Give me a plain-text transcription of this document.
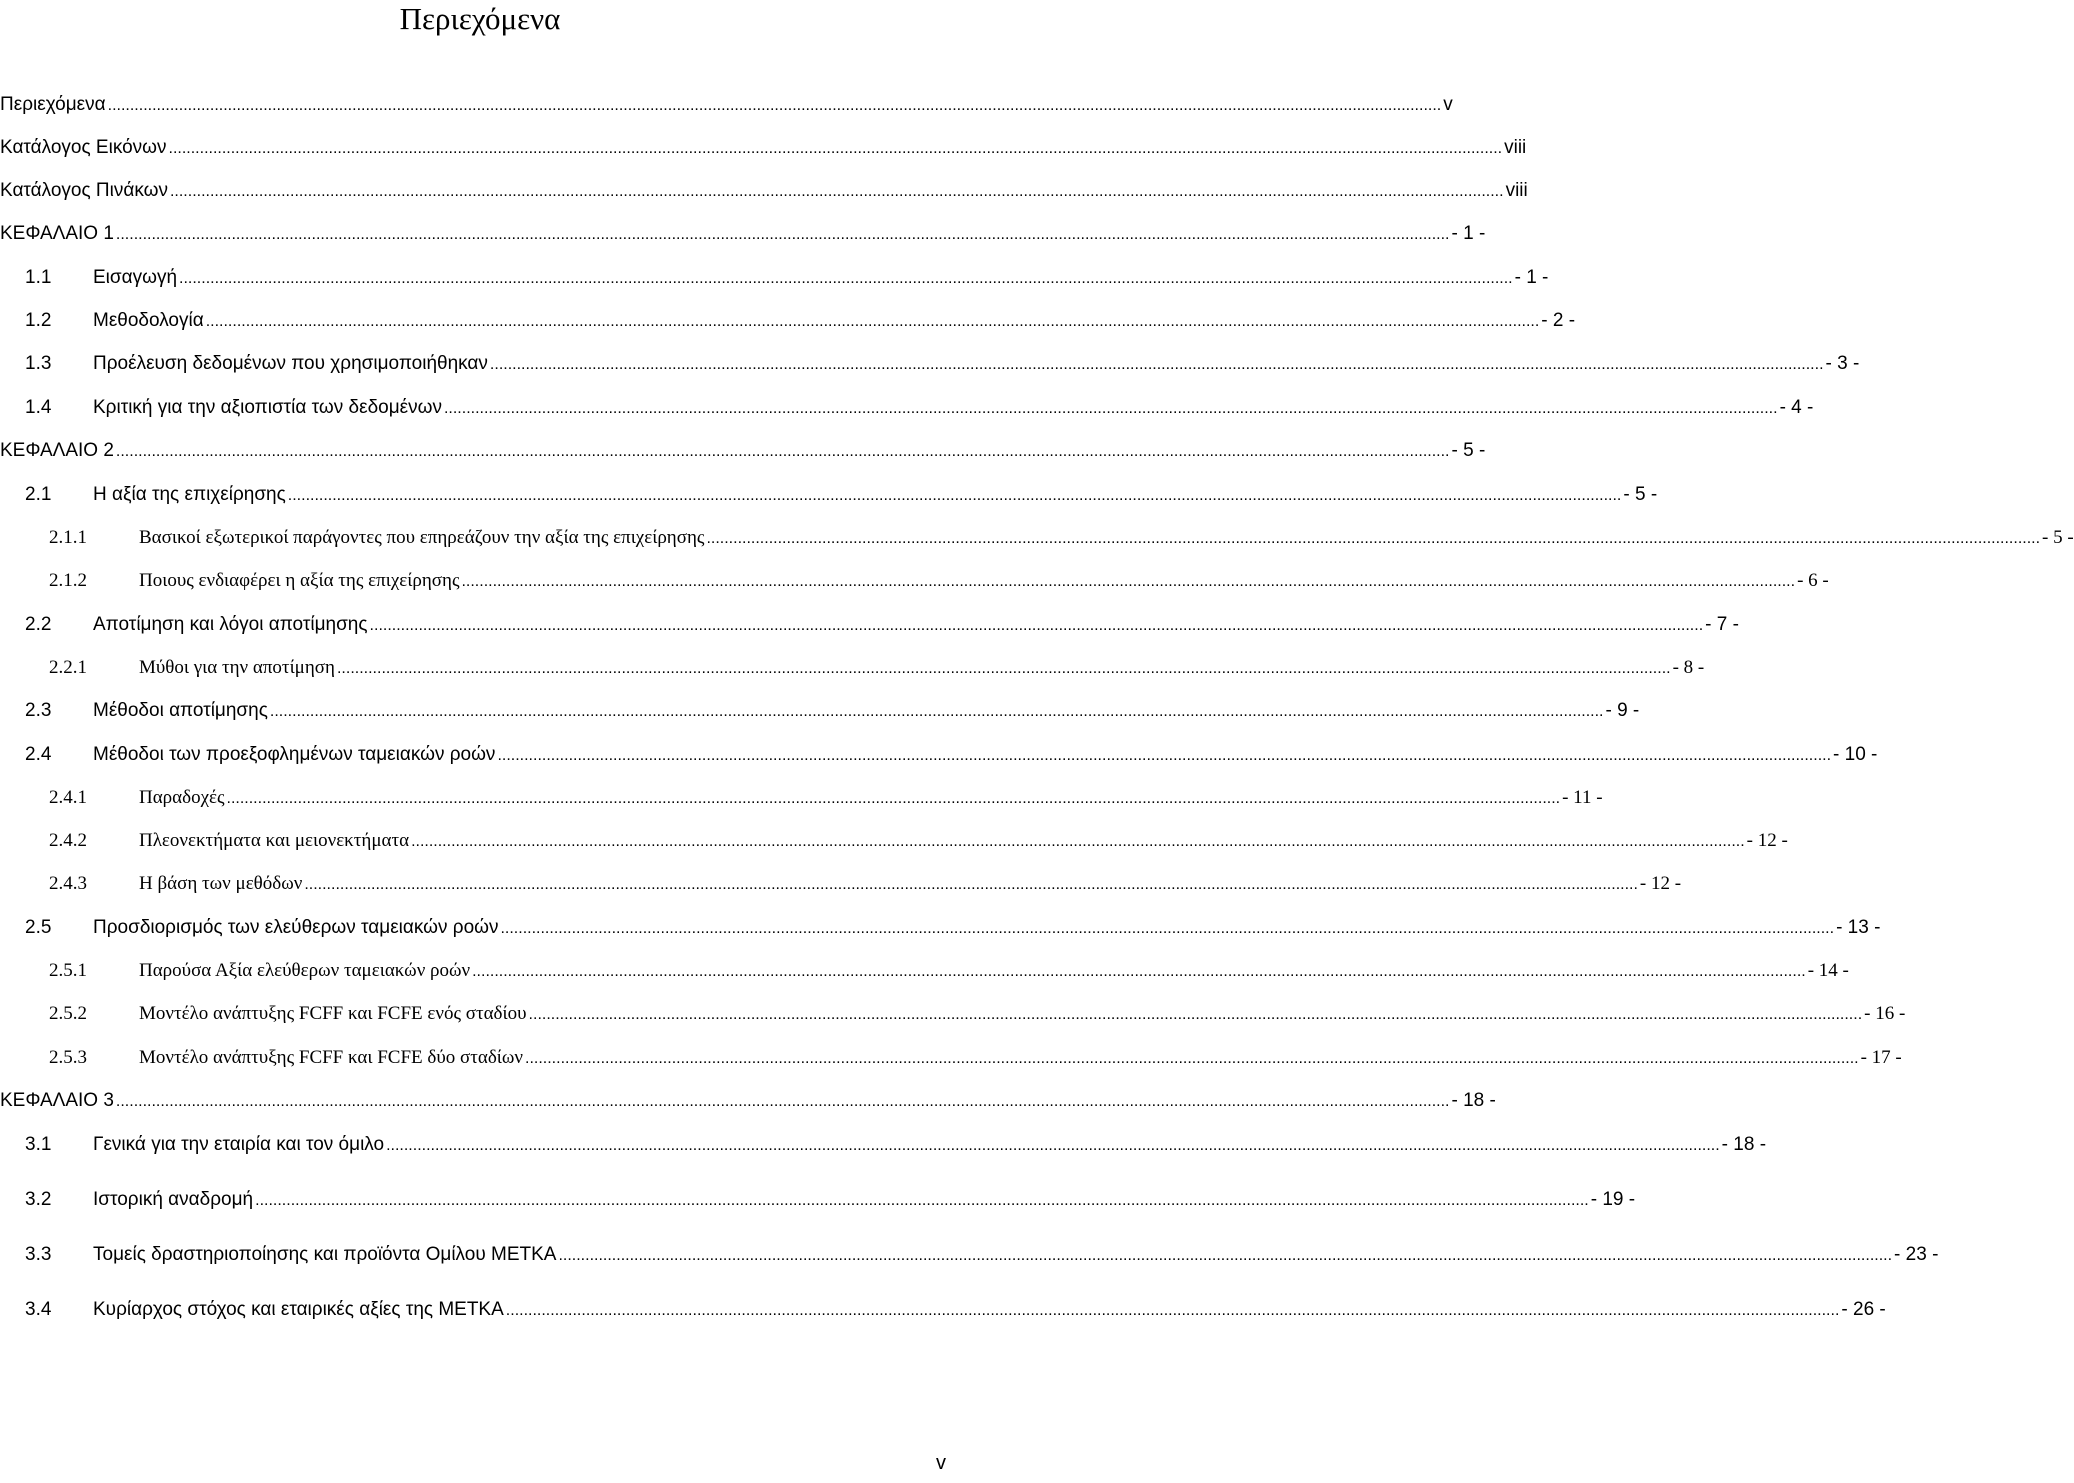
Περιεχόμενα
Περιεχόμενα ............................................................................................................................................................................................................................................................................................................ v
Κατάλογος Εικόνων ............................................................................................................................................................................................................................................................................................................ viii
Κατάλογος Πινάκων ............................................................................................................................................................................................................................................................................................................ viii
ΚΕΦΑΛΑΙΟ 1 ............................................................................................................................................................................................................................................................................................................ - 1 -
1.1	Εισαγωγή ............................................................................................................................................................................................................................................................................................................ - 1 -
1.2	Μεθοδολογία ............................................................................................................................................................................................................................................................................................................ - 2 -
1.3	Προέλευση δεδομένων που χρησιμοποιήθηκαν ............................................................................................................................................................................................................................................................................................................ - 3 -
1.4	Κριτική για την αξιοπιστία των δεδομένων ............................................................................................................................................................................................................................................................................................................ - 4 -
ΚΕΦΑΛΑΙΟ 2 ............................................................................................................................................................................................................................................................................................................ - 5 -
2.1	Η αξία της επιχείρησης ............................................................................................................................................................................................................................................................................................................ - 5 -
2.1.1	Βασικοί εξωτερικοί παράγοντες που επηρεάζουν την αξία της επιχείρησης ............................................................................................................................................................................................................................................................................................................ - 5 -
2.1.2	Ποιους ενδιαφέρει η αξία της επιχείρησης ............................................................................................................................................................................................................................................................................................................ - 6 -
2.2	Αποτίμηση και λόγοι αποτίμησης ............................................................................................................................................................................................................................................................................................................ - 7 -
2.2.1	Μύθοι για την αποτίμηση ............................................................................................................................................................................................................................................................................................................ - 8 -
2.3	Μέθοδοι αποτίμησης ............................................................................................................................................................................................................................................................................................................ - 9 -
2.4	Μέθοδοι των προεξοφλημένων ταμειακών ροών ............................................................................................................................................................................................................................................................................................................ - 10 -
2.4.1	Παραδοχές ............................................................................................................................................................................................................................................................................................................ - 11 -
2.4.2	Πλεονεκτήματα και μειονεκτήματα ............................................................................................................................................................................................................................................................................................................ - 12 -
2.4.3	Η βάση των μεθόδων ............................................................................................................................................................................................................................................................................................................ - 12 -
2.5	Προσδιορισμός των ελεύθερων ταμειακών ροών ............................................................................................................................................................................................................................................................................................................ - 13 -
2.5.1	Παρούσα Αξία ελεύθερων ταμειακών ροών ............................................................................................................................................................................................................................................................................................................ - 14 -
2.5.2	Μοντέλο ανάπτυξης FCFF και FCFE ενός σταδίου ............................................................................................................................................................................................................................................................................................................ - 16 -
2.5.3	Μοντέλο ανάπτυξης FCFF και FCFE δύο σταδίων ............................................................................................................................................................................................................................................................................................................ - 17 -
ΚΕΦΑΛΑΙΟ 3 ............................................................................................................................................................................................................................................................................................................ - 18 -
3.1	Γενικά για την εταιρία και τον όμιλο ............................................................................................................................................................................................................................................................................................................ - 18 -
3.2	Ιστορική αναδρομή ............................................................................................................................................................................................................................................................................................................ - 19 -
3.3	Τομείς δραστηριοποίησης και προϊόντα Ομίλου ΜΕΤΚΑ ............................................................................................................................................................................................................................................................................................................ - 23 -
3.4	Κυρίαρχος στόχος και εταιρικές αξίες της ΜΕΤΚΑ ............................................................................................................................................................................................................................................................................................................ - 26 -
v
